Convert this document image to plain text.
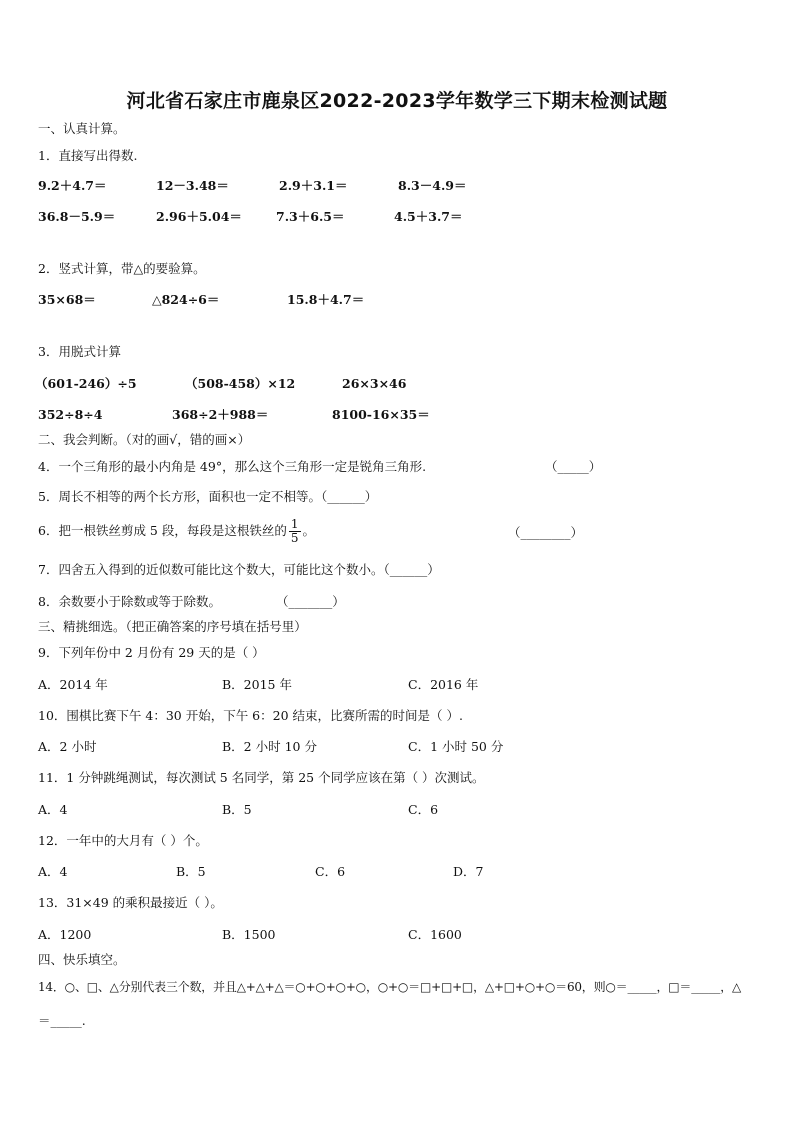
河北省石家庄市鹿泉区2022-2023学年数学三下期末检测试题
一、认真计算。
1．直接写出得数.
9.2＋4.7＝	12－3.48＝	2.9＋3.1＝	8.3－4.9＝
36.8－5.9＝	2.96＋5.04＝	7.3＋6.5＝	4.5＋3.7＝
2．竖式计算，带△的要验算。
35×68＝	△824÷6＝	15.8＋4.7＝
3．用脱式计算
（601-246）÷5	（508-458）×12	26×3×46
352÷8÷4	368÷2＋988＝	8100-16×35＝
二、我会判断。（对的画√，错的画×）
4．一个三角形的最小内角是 49°，那么这个三角形一定是锐角三角形.	（_____）
5．周长不相等的两个长方形，面积也一定不相等。（______）
6．把一根铁丝剪成 5 段，每段是这根铁丝的 $\frac{1}{5}$ 。	（________）
7．四舍五入得到的近似数可能比这个数大，可能比这个数小。（______）
8．余数要小于除数或等于除数。	（_______）
三、精挑细选。（把正确答案的序号填在括号里）
9．下列年份中 2 月份有 29 天的是（ ）
A．2014 年	B．2015 年	C．2016 年
10．围棋比赛下午 4：30 开始，下午 6：20 结束，比赛所需的时间是（ ）.
A．2 小时	B．2 小时 10 分	C．1 小时 50 分
11．1 分钟跳绳测试，每次测试 5 名同学，第 25 个同学应该在第（ ）次测试。
A．4	B．5	C．6
12．一年中的大月有（ ）个。
A．4	B．5	C．6	D．7
13．31×49 的乘积最接近（ ）。
A．1200	B．1500	C．1600
四、快乐填空。
14．○、□、△分别代表三个数，并且△+△+△＝○+○+○+○，○+○＝□+□+□，△+□+○+○＝60，则○＝_____，□＝_____，△
＝_____.
